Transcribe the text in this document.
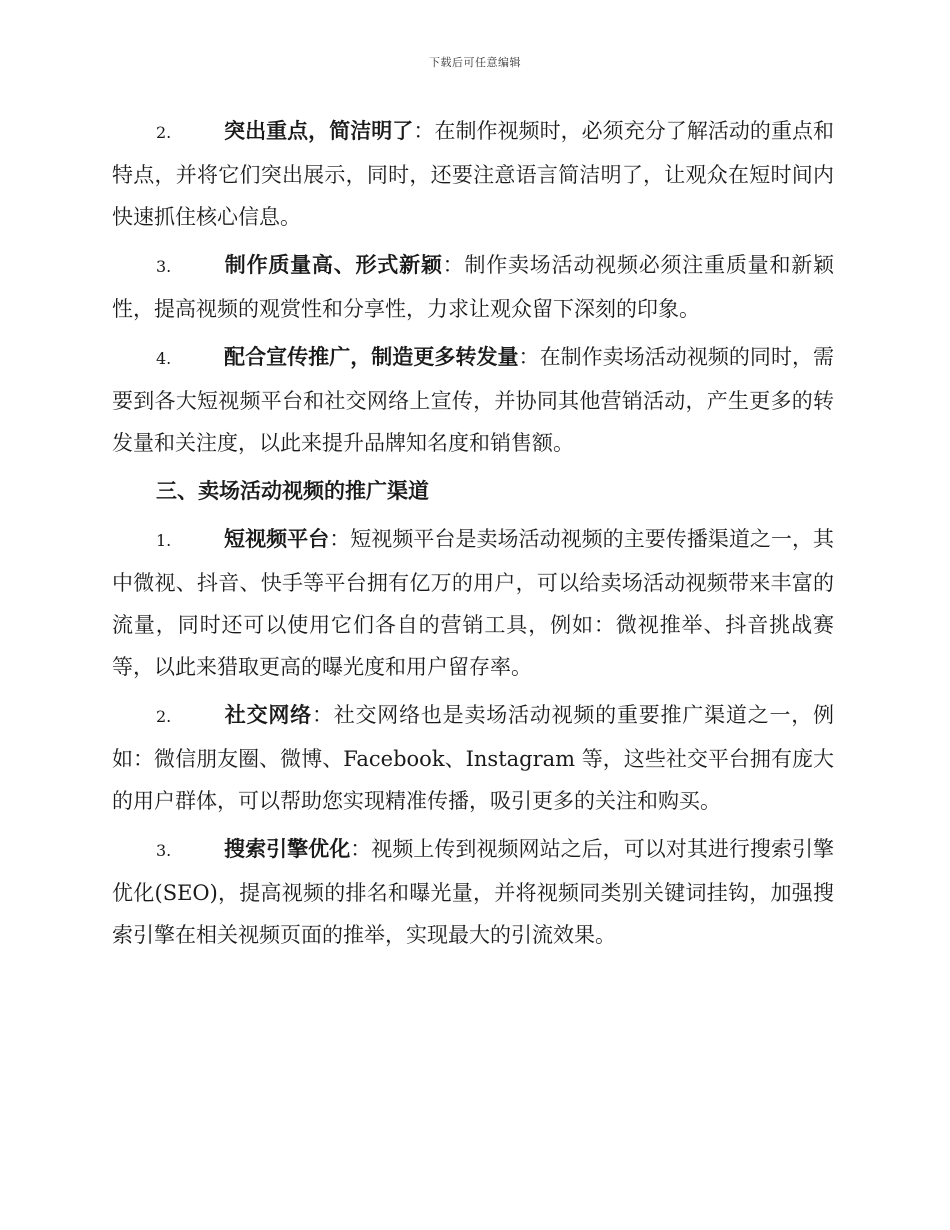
下载后可任意编辑

2.	突出重点，简洁明了：在制作视频时，必须充分了解活动的重点和特点，并将它们突出展示，同时，还要注意语言简洁明了，让观众在短时间内快速抓住核心信息。

3.	制作质量高、形式新颖：制作卖场活动视频必须注重质量和新颖性，提高视频的观赏性和分享性，力求让观众留下深刻的印象。

4.	配合宣传推广，制造更多转发量：在制作卖场活动视频的同时，需要到各大短视频平台和社交网络上宣传，并协同其他营销活动，产生更多的转发量和关注度，以此来提升品牌知名度和销售额。

三、卖场活动视频的推广渠道

1.	短视频平台：短视频平台是卖场活动视频的主要传播渠道之一，其中微视、抖音、快手等平台拥有亿万的用户，可以给卖场活动视频带来丰富的流量，同时还可以使用它们各自的营销工具，例如：微视推举、抖音挑战赛等，以此来猎取更高的曝光度和用户留存率。

2.	社交网络：社交网络也是卖场活动视频的重要推广渠道之一，例如：微信朋友圈、微博、Facebook、Instagram 等，这些社交平台拥有庞大的用户群体，可以帮助您实现精准传播，吸引更多的关注和购买。

3.	搜索引擎优化：视频上传到视频网站之后，可以对其进行搜索引擎优化(SEO)，提高视频的排名和曝光量，并将视频同类别关键词挂钩，加强搜索引擎在相关视频页面的推举，实现最大的引流效果。
